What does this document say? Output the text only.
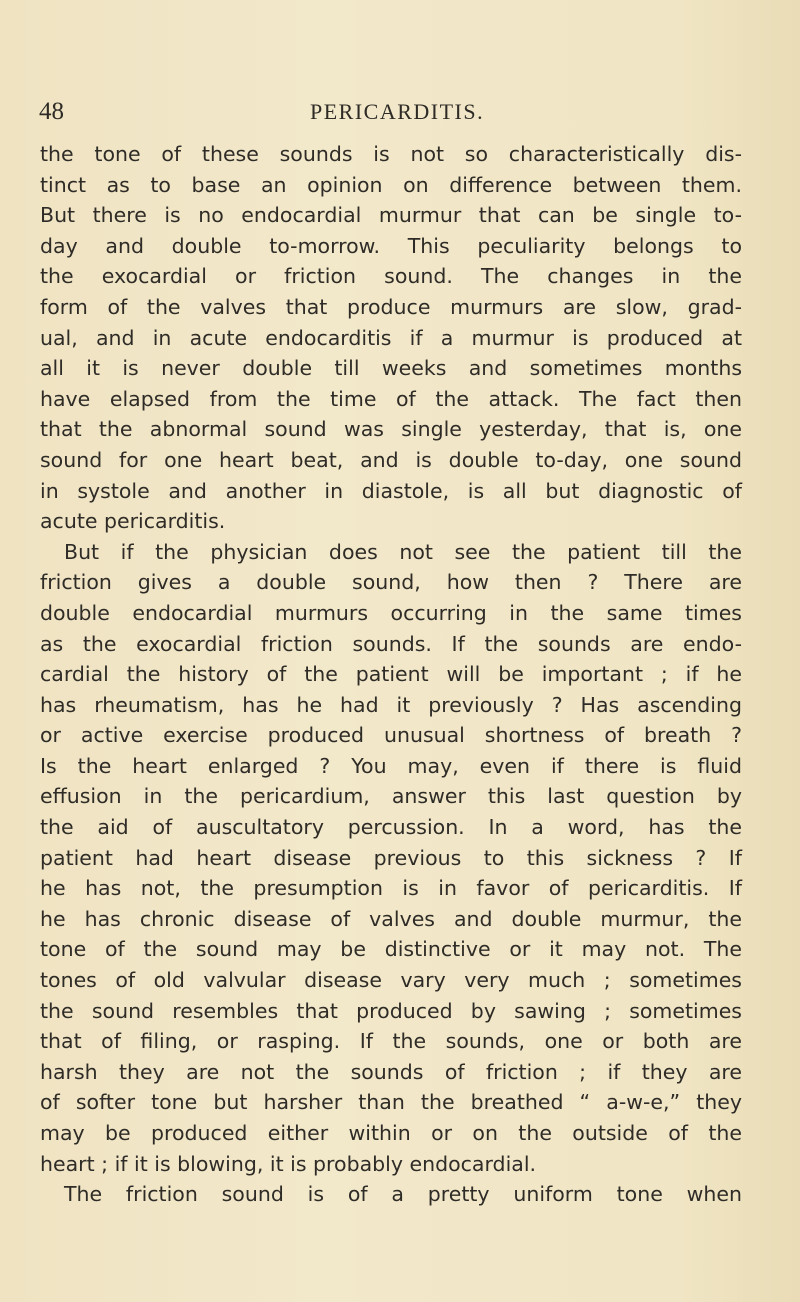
48	PERICARDITIS.
the tone of these sounds is not so characteristically dis-
tinct as to base an opinion on difference between them.
But there is no endocardial murmur that can be single to-
day and double to-morrow. This peculiarity belongs to
the exocardial or friction sound. The changes in the
form of the valves that produce murmurs are slow, grad-
ual, and in acute endocarditis if a murmur is produced at
all it is never double till weeks and sometimes months
have elapsed from the time of the attack. The fact then
that the abnormal sound was single yesterday, that is, one
sound for one heart beat, and is double to-day, one sound
in systole and another in diastole, is all but diagnostic of
acute pericarditis.
But if the physician does not see the patient till the
friction gives a double sound, how then ? There are
double endocardial murmurs occurring in the same times
as the exocardial friction sounds. If the sounds are endo-
cardial the history of the patient will be important ; if he
has rheumatism, has he had it previously ? Has ascending
or active exercise produced unusual shortness of breath ?
Is the heart enlarged ? You may, even if there is fluid
effusion in the pericardium, answer this last question by
the aid of auscultatory percussion. In a word, has the
patient had heart disease previous to this sickness ? If
he has not, the presumption is in favor of pericarditis. If
he has chronic disease of valves and double murmur, the
tone of the sound may be distinctive or it may not. The
tones of old valvular disease vary very much ; sometimes
the sound resembles that produced by sawing ; sometimes
that of filing, or rasping. If the sounds, one or both are
harsh they are not the sounds of friction ; if they are
of softer tone but harsher than the breathed “ a-w-e,” they
may be produced either within or on the outside of the
heart ; if it is blowing, it is probably endocardial.
The friction sound is of a pretty uniform tone when
